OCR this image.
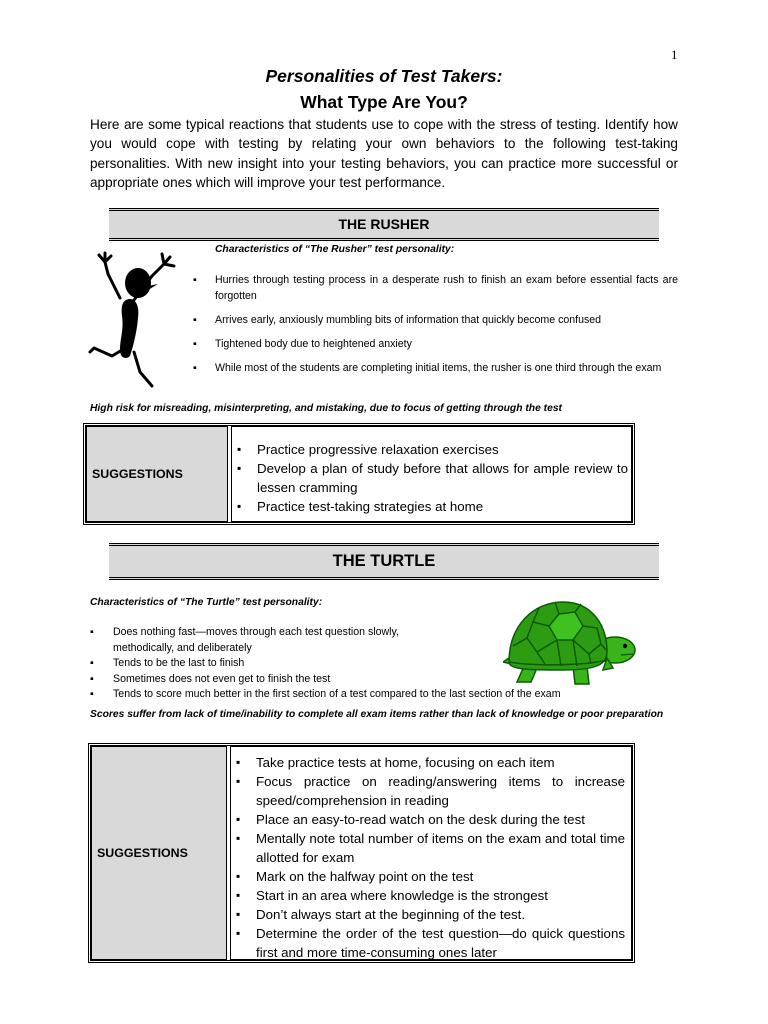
1
Personalities of Test Takers:
What Type Are You?
Here are some typical reactions that students use to cope with the stress of testing. Identify how you would cope with testing by relating your own behaviors to the following test-taking personalities. With new insight into your testing behaviors, you can practice more successful or appropriate ones which will improve your test performance.
THE RUSHER
Characteristics of “The Rusher” test personality:
▪ Hurries through testing process in a desperate rush to finish an exam before essential facts are forgotten
▪ Arrives early, anxiously mumbling bits of information that quickly become confused
▪ Tightened body due to heightened anxiety
▪ While most of the students are completing initial items, the rusher is one third through the exam
High risk for misreading, misinterpreting, and mistaking, due to focus of getting through the test
SUGGESTIONS
▪ Practice progressive relaxation exercises
▪ Develop a plan of study before that allows for ample review to lessen cramming
▪ Practice test-taking strategies at home
THE TURTLE
Characteristics of “The Turtle” test personality:
▪ Does nothing fast—moves through each test question slowly, methodically, and deliberately
▪ Tends to be the last to finish
▪ Sometimes does not even get to finish the test
▪ Tends to score much better in the first section of a test compared to the last section of the exam
Scores suffer from lack of time/inability to complete all exam items rather than lack of knowledge or poor preparation
SUGGESTIONS
▪ Take practice tests at home, focusing on each item
▪ Focus practice on reading/answering items to increase speed/comprehension in reading
▪ Place an easy-to-read watch on the desk during the test
▪ Mentally note total number of items on the exam and total time allotted for exam
▪ Mark on the halfway point on the test
▪ Start in an area where knowledge is the strongest
▪ Don’t always start at the beginning of the test.
▪ Determine the order of the test question—do quick questions first and more time-consuming ones later
